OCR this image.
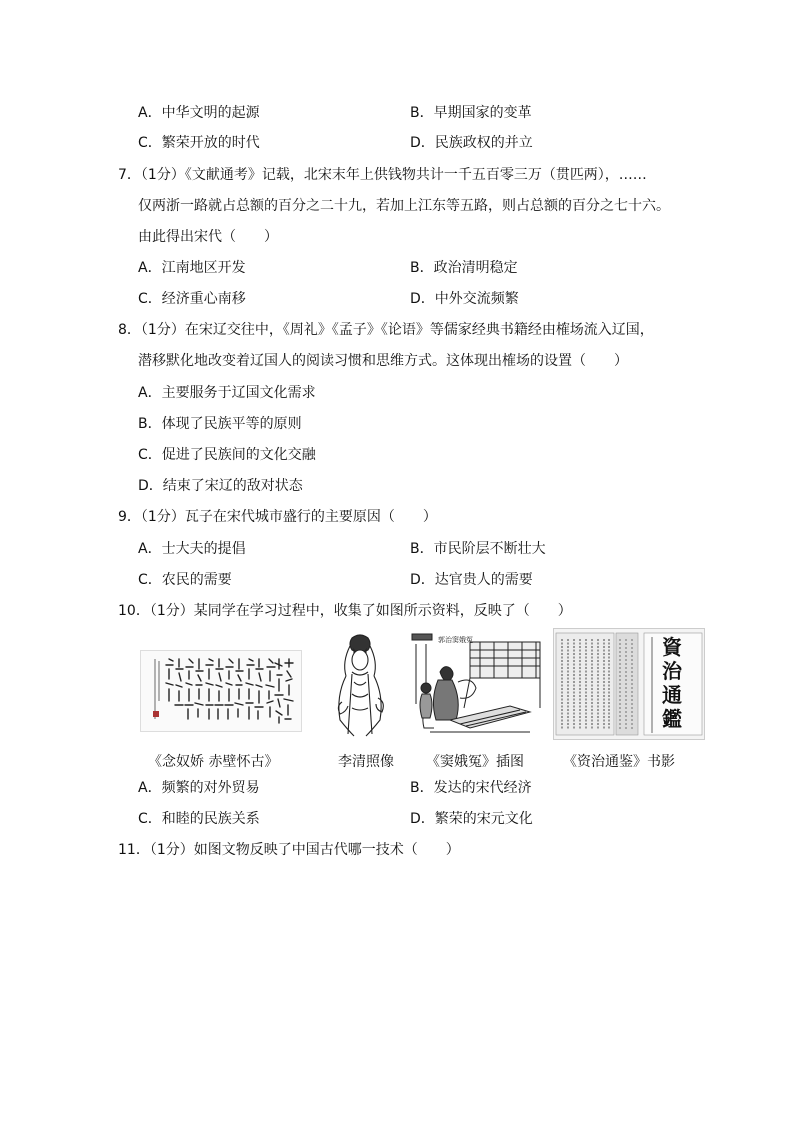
A．中华文明的起源	B．早期国家的变革
C．繁荣开放的时代	D．民族政权的并立
7．（1分）《文献通考》记载，北宋末年上供钱物共计一千五百零三万（贯匹两），……
仅两浙一路就占总额的百分之二十九，若加上江东等五路，则占总额的百分之七十六。
由此得出宋代（　　）
A．江南地区开发	B．政治清明稳定
C．经济重心南移	D．中外交流频繁
8．（1分）在宋辽交往中，《周礼》《孟子》《论语》等儒家经典书籍经由榷场流入辽国，
潜移默化地改变着辽国人的阅读习惯和思维方式。这体现出榷场的设置（　　）
A．主要服务于辽国文化需求
B．体现了民族平等的原则
C．促进了民族间的文化交融
D．结束了宋辽的敌对状态
9．（1分）瓦子在宋代城市盛行的主要原因（　　）
A．士大夫的提倡	B．市民阶层不断壮大
C．农民的需要	D．达官贵人的需要
10．（1分）某同学在学习过程中，收集了如图所示资料，反映了（　　）
郭治窦娥冤	資治通鑑
《念奴娇 赤壁怀古》	李清照像 《窦娥冤》插图	《资治通鉴》书影
A．频繁的对外贸易	B．发达的宋代经济
C．和睦的民族关系	D．繁荣的宋元文化
11．（1分）如图文物反映了中国古代哪一技术（　　）
